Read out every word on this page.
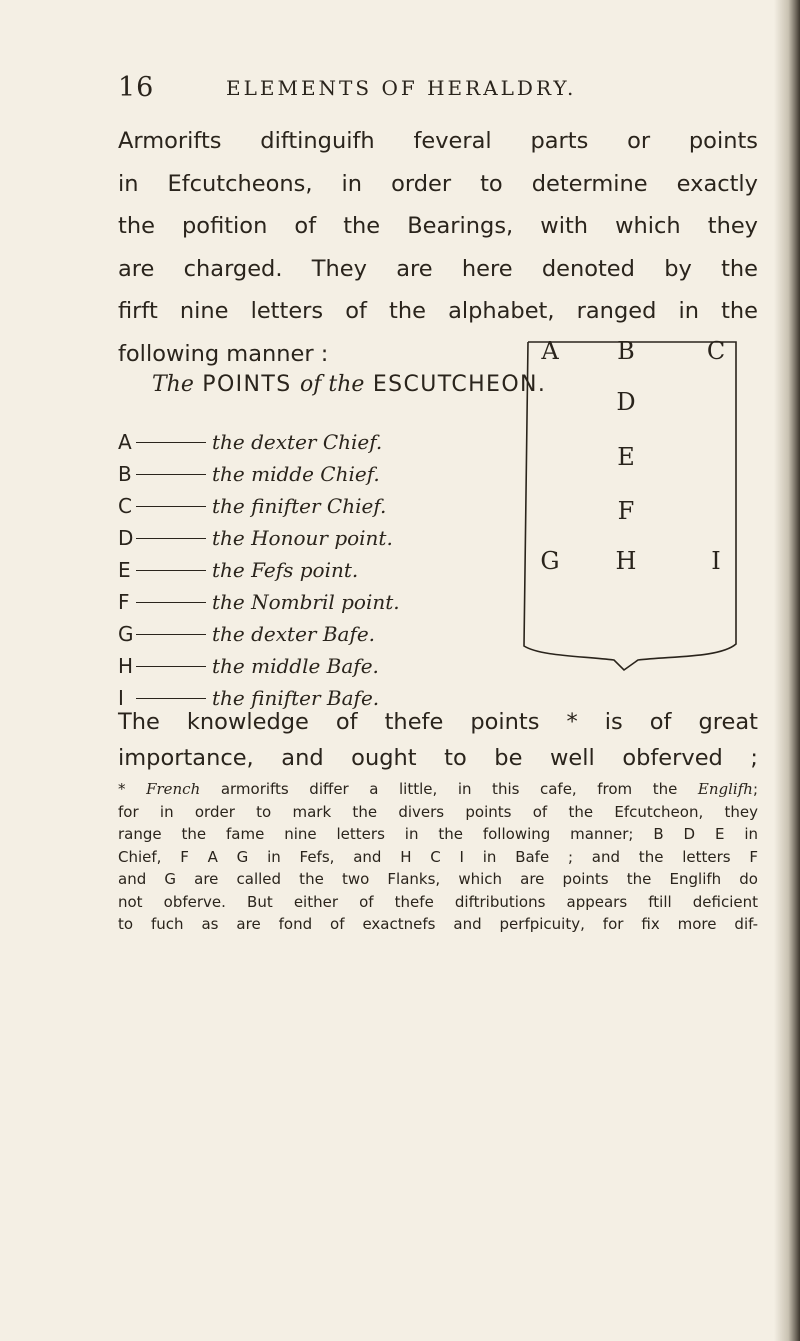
16	ELEMENTS OF HERALDRY.
Armorifts diftinguifh feveral parts or points
in Efcutcheons, in order to determine exactly
the pofition of the Bearings, with which they
are charged. They are here denoted by the
firft nine letters of the alphabet, ranged in the
following manner :
The POINTS of the ESCUTCHEON.
A	the dexter Chief.
B	the midde Chief.
C	the finifter Chief.
D	the Honour point.
E	the Fefs point.
F	the Nombril point.
G	the dexter Bafe.
H	the middle Bafe.
I	the finifter Bafe.
A B	C
D
E
F
G H	I
The knowledge of thefe points * is of great
importance, and ought to be well obferved ;
* French armorifts differ a little, in this cafe, from the Englifh;
for in order to mark the divers points of the Efcutcheon, they
range the fame nine letters in the following manner; B D E in
Chief, F A G in Fefs, and H C I in Bafe ; and the letters F
and G are called the two Flanks, which are points the Englifh do
not obferve. But either of thefe diftributions appears ftill deficient
to fuch as are fond of exactnefs and perfpicuity, for fix more dif-
